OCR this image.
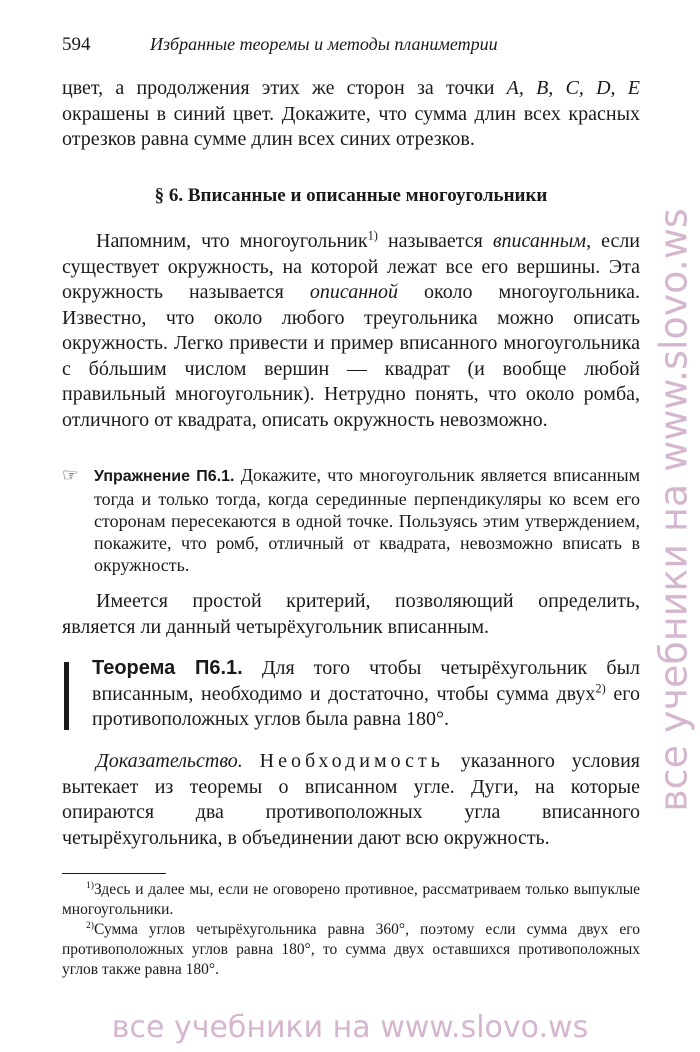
594	Избранные теоремы и методы планиметрии

цвет, а продолжения этих же сторон за точки A, B, C, D, E окрашены в синий цвет. Докажите, что сумма длин всех красных отрезков равна сумме длин всех синих отрезков.

§ 6. Вписанные и описанные многоугольники

Напомним, что многоугольник$^{1)}$ называется вписанным, если существует окружность, на которой лежат все его вершины. Эта окружность называется описанной около многоугольника. Известно, что около любого треугольника можно описать окружность. Легко привести и пример вписанного многоугольника с бóльшим числом вершин — квадрат (и вообще любой правильный многоугольник). Нетрудно понять, что около ромба, отличного от квадрата, описать окружность невозможно.

☞ Упражнение П6.1. Докажите, что многоугольник является вписанным тогда и только тогда, когда серединные перпендикуляры ко всем его сторонам пересекаются в одной точке. Пользуясь этим утверждением, покажите, что ромб, отличный от квадрата, невозможно вписать в окружность.

Имеется простой критерий, позволяющий определить, является ли данный четырёхугольник вписанным.

Теорема П6.1. Для того чтобы четырёхугольник был вписанным, необходимо и достаточно, чтобы сумма двух$^{2)}$ его противоположных углов была равна 180°.

Доказательство. Необходимость указанного условия вытекает из теоремы о вписанном угле. Дуги, на которые опираются два противоположных угла вписанного четырёхугольника, в объединении дают всю окружность.

$^{1)}$Здесь и далее мы, если не оговорено противное, рассматриваем только выпуклые многоугольники.

$^{2)}$Сумма углов четырёхугольника равна 360°, поэтому если сумма двух его противоположных углов равна 180°, то сумма двух оставшихся противоположных углов также равна 180°.

все учебники на www.slovo.ws
все учебники на www.slovo.ws
